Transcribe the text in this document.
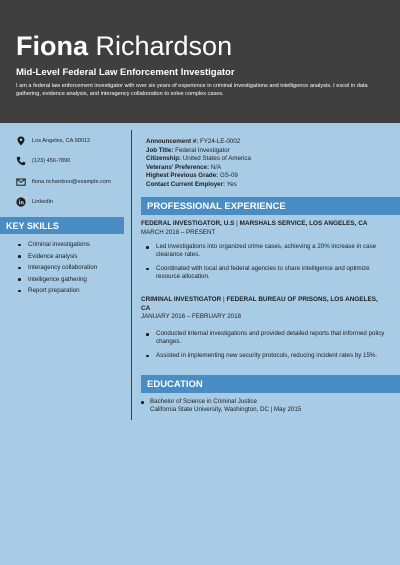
Fiona Richardson
Mid-Level Federal Law Enforcement Investigator
I am a federal law enforcement investigator with over six years of experience in criminal investigations and intelligence analysis. I excel in data gathering, evidence analysis, and interagency collaboration to solve complex cases.
Los Angeles, CA 90012
(123) 456-7890
fiona.richardson@example.com
LinkedIn
KEY SKILLS
Criminal investigations
Evidence analysis
Interagency collaboration
Intelligence gathering
Report preparation
Announcement #: FY24-LE-0002
Job Title: Federal Investigator
Citizenship: United States of America
Veterans' Preference: N/A
Highest Previous Grade: GS-09
Contact Current Employer: Yes
PROFESSIONAL EXPERIENCE
FEDERAL INVESTIGATOR, U.S | MARSHALS SERVICE, LOS ANGELES, CA
MARCH 2018 – PRESENT
Led investigations into organized crime cases, achieving a 20% increase in case clearance rates.
Coordinated with local and federal agencies to share intelligence and optimize resource allocation.
CRIMINAL INVESTIGATOR | FEDERAL BUREAU OF PRISONS, LOS ANGELES, CA
JANUARY 2016 – FEBRUARY 2018
Conducted internal investigations and provided detailed reports that informed policy changes.
Assisted in implementing new security protocols, reducing incident rates by 15%.
EDUCATION
Bachelor of Science in Criminal Justice
California State University, Washington, DC | May 2015
